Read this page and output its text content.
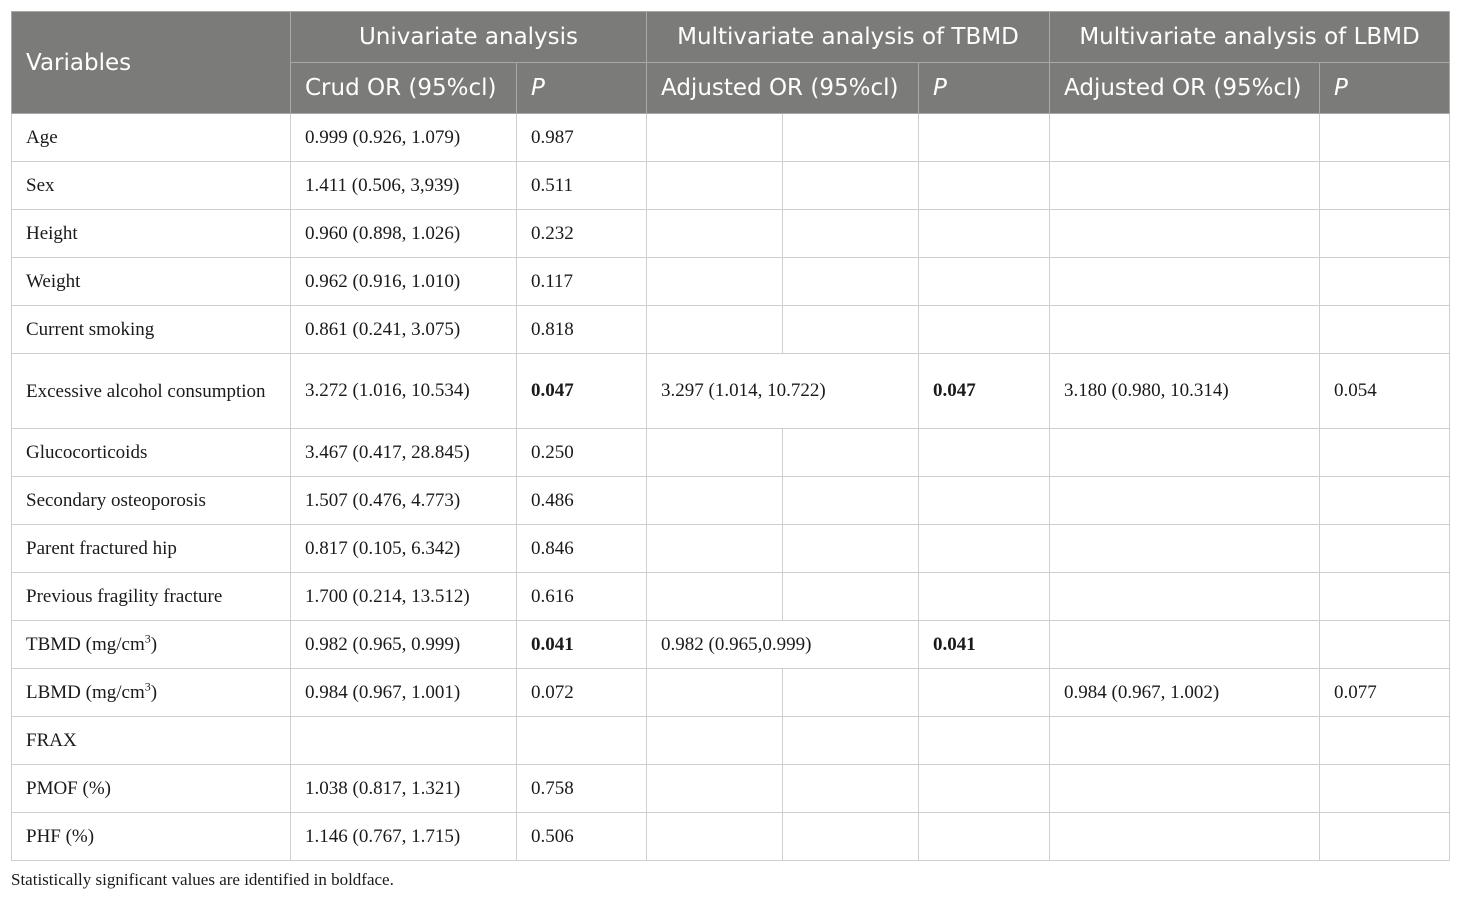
Variables	Univariate analysis		Multivariate analysis of TBMD			Multivariate analysis of LBMD	
	Crud OR (95%cl)	P	Adjusted OR (95%cl)		P	Adjusted OR (95%cl)	P
Age	0.999 (0.926, 1.079)	0.987					
Sex	1.411 (0.506, 3,939)	0.511					
Height	0.960 (0.898, 1.026)	0.232					
Weight	0.962 (0.916, 1.010)	0.117					
Current smoking	0.861 (0.241, 3.075)	0.818					
Excessive alcohol consumption	3.272 (1.016, 10.534)	0.047	3.297 (1.014, 10.722)		0.047	3.180 (0.980, 10.314)	0.054
Glucocorticoids	3.467 (0.417, 28.845)	0.250					
Secondary osteoporosis	1.507 (0.476, 4.773)	0.486					
Parent fractured hip	0.817 (0.105, 6.342)	0.846					
Previous fragility fracture	1.700 (0.214, 13.512)	0.616					
TBMD $(mg/cm^3)$	0.982 (0.965, 0.999)	0.041	0.982 (0.965,0.999)		0.041		
LBMD $(mg/cm^3)$	0.984 (0.967, 1.001)	0.072				0.984 (0.967, 1.002)	0.077
FRAX							
PMOF (%)	1.038 (0.817, 1.321)	0.758					
PHF (%)	1.146 (0.767, 1.715)	0.506					
Statistically significant values are identified in boldface.
